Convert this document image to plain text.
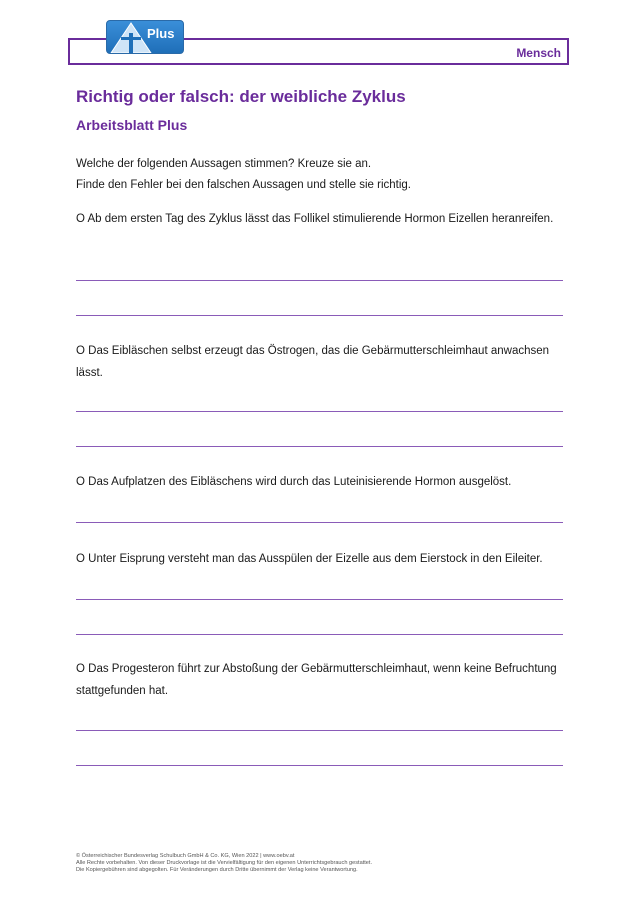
Mensch
Plus
Richtig oder falsch: der weibliche Zyklus
Arbeitsblatt Plus
Welche der folgenden Aussagen stimmen? Kreuze sie an.
Finde den Fehler bei den falschen Aussagen und stelle sie richtig.
O Ab dem ersten Tag des Zyklus lässt das Follikel stimulierende Hormon Eizellen heranreifen.
O Das Eibläschen selbst erzeugt das Östrogen, das die Gebärmutterschleimhaut anwachsen lässt.
O Das Aufplatzen des Eibläschens wird durch das Luteinisierende Hormon ausgelöst.
O Unter Eisprung versteht man das Ausspülen der Eizelle aus dem Eierstock in den Eileiter.
O Das Progesteron führt zur Abstoßung der Gebärmutterschleimhaut, wenn keine Befruchtung stattgefunden hat.
© Österreichischer Bundesverlag Schulbuch GmbH & Co. KG, Wien 2022 | www.oebv.at
Alle Rechte vorbehalten. Von dieser Druckvorlage ist die Vervielfältigung für den eigenen Unterrichtsgebrauch gestattet.
Die Kopiergebühren sind abgegolten. Für Veränderungen durch Dritte übernimmt der Verlag keine Verantwortung.
